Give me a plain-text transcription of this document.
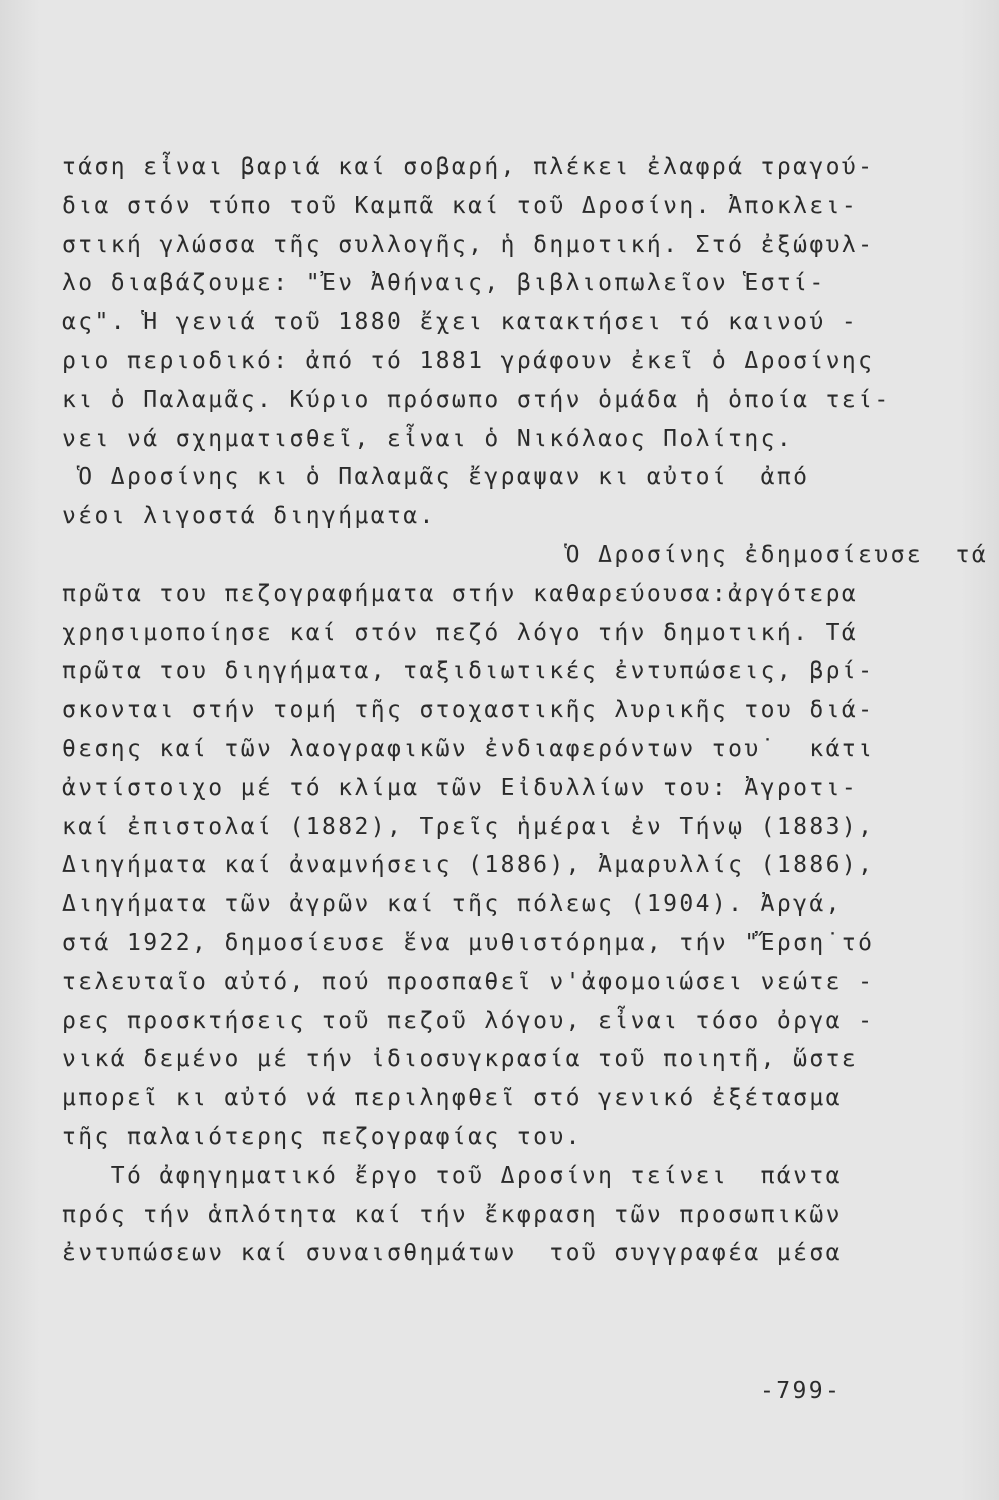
τάση εἶναι βαριά καί σοβαρή, πλέκει ἐλαφρά τραγού-
δια στόν τύπο τοῦ Καμπᾶ καί τοῦ Δροσίνη. Ἀποκλει-
στική γλώσσα τῆς συλλογῆς, ἡ δημοτική. Στό ἐξώφυλ-
λο διαβάζουμε: "Ἐν Ἀθήναις, βιβλιοπωλεῖον Ἑστί-
ας". Ἡ γενιά τοῦ 1880 ἔχει κατακτήσει τό καινού -
ριο περιοδικό: ἀπό τό 1881 γράφουν ἐκεῖ ὁ Δροσίνης
κι ὁ Παλαμᾶς. Κύριο πρόσωπο στήν ὁμάδα ἡ ὁποία τεί-
νει νά σχηματισθεῖ, εἶναι ὁ Νικόλαος Πολίτης.
Ὁ Δροσίνης κι ὁ Παλαμᾶς ἔγραψαν κι αὐτοί  ἀπό
νέοι λιγοστά διηγήματα.
Ὁ Δροσίνης ἐδημοσίευσε  τά
πρῶτα του πεζογραφήματα στήν καθαρεύουσα:ἀργότερα
χρησιμοποίησε καί στόν πεζό λόγο τήν δημοτική. Τά
πρῶτα του διηγήματα, ταξιδιωτικές ἐντυπώσεις, βρί-
σκονται στήν τομή τῆς στοχαστικῆς λυρικῆς του διά-
θεσης καί τῶν λαογραφικῶν ἐνδιαφερόντων του˙  κάτι
ἀντίστοιχο μέ τό κλίμα τῶν Εἰδυλλίων του: Ἀγροτι-
καί ἐπιστολαί (1882), Τρεῖς ἡμέραι ἐν Τήνῳ (1883),
Διηγήματα καί ἀναμνήσεις (1886), Ἀμαρυλλίς (1886),
Διηγήματα τῶν ἀγρῶν καί τῆς πόλεως (1904). Ἀργά,
στά 1922, δημοσίευσε ἕνα μυθιστόρημα, τήν "Ἔρση˙τό
τελευταῖο αὐτό, πού προσπαθεῖ ν'ἀφομοιώσει νεώτε -
ρες προσκτήσεις τοῦ πεζοῦ λόγου, εἶναι τόσο ὀργα -
νικά δεμένο μέ τήν ἰδιοσυγκρασία τοῦ ποιητῆ, ὥστε
μπορεῖ κι αὐτό νά περιληφθεῖ στό γενικό ἐξέτασμα
τῆς παλαιότερης πεζογραφίας του.
Τό ἀφηγηματικό ἔργο τοῦ Δροσίνη τείνει  πάντα
πρός τήν ἁπλότητα καί τήν ἔκφραση τῶν προσωπικῶν
ἐντυπώσεων καί συναισθημάτων  τοῦ συγγραφέα μέσα
-799-
